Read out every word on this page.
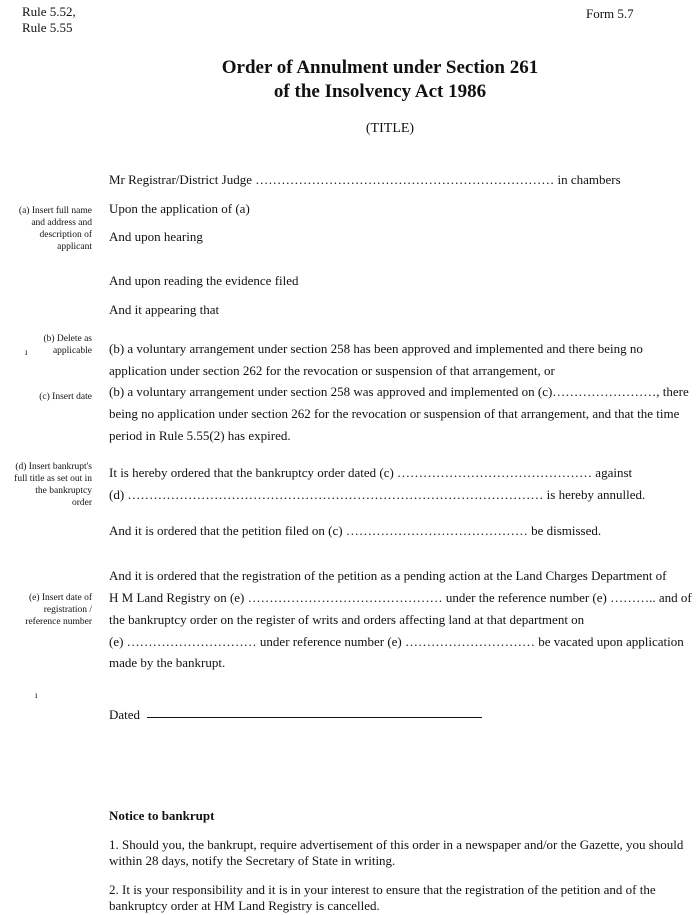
Rule 5.52,
Rule 5.55
Form 5.7
Order of Annulment under Section 261
of the Insolvency Act 1986
(TITLE)
(a) Insert full name
and address and
description of
applicant
(b) Delete as
applicable
(c) Insert date
(d) Insert bankrupt's
full title as set out in
the bankruptcy
order
(e) Insert date of
registration /
reference number
ı
ı
Mr Registrar/District Judge …………………………………………………………… in chambers
Upon the application of (a)
And upon hearing
And upon reading the evidence filed
And it appearing that
(b) a voluntary arrangement under section 258 has been approved and implemented and there being no
application under section 262 for the revocation or suspension of that arrangement, or
(b) a voluntary arrangement under section 258 was approved and implemented on (c)……………………, there
being no application under section 262 for the revocation or suspension of that arrangement, and that the time
period in Rule 5.55(2) has expired.
It is hereby ordered that the bankruptcy order dated (c) ……………………………………… against
(d) …………………………………………………………………………………… is hereby annulled.
And it is ordered that the petition filed on (c) …………………………………… be dismissed.
And it is ordered that the registration of the petition as a pending action at the Land Charges Department of
H M Land Registry on (e) ……………………………………… under the reference number (e) ……….. and of
the bankruptcy order on the register of writs and orders affecting land at that department on
(e) ………………………… under reference number (e) ………………………… be vacated upon application
made by the bankrupt.
Dated
Notice to bankrupt
1. Should you, the bankrupt, require advertisement of this order in a newspaper and/or the Gazette, you should within 28 days, notify the Secretary of State in writing.
2. It is your responsibility and it is in your interest to ensure that the registration of the petition and of the bankruptcy order at HM Land Registry is cancelled.
